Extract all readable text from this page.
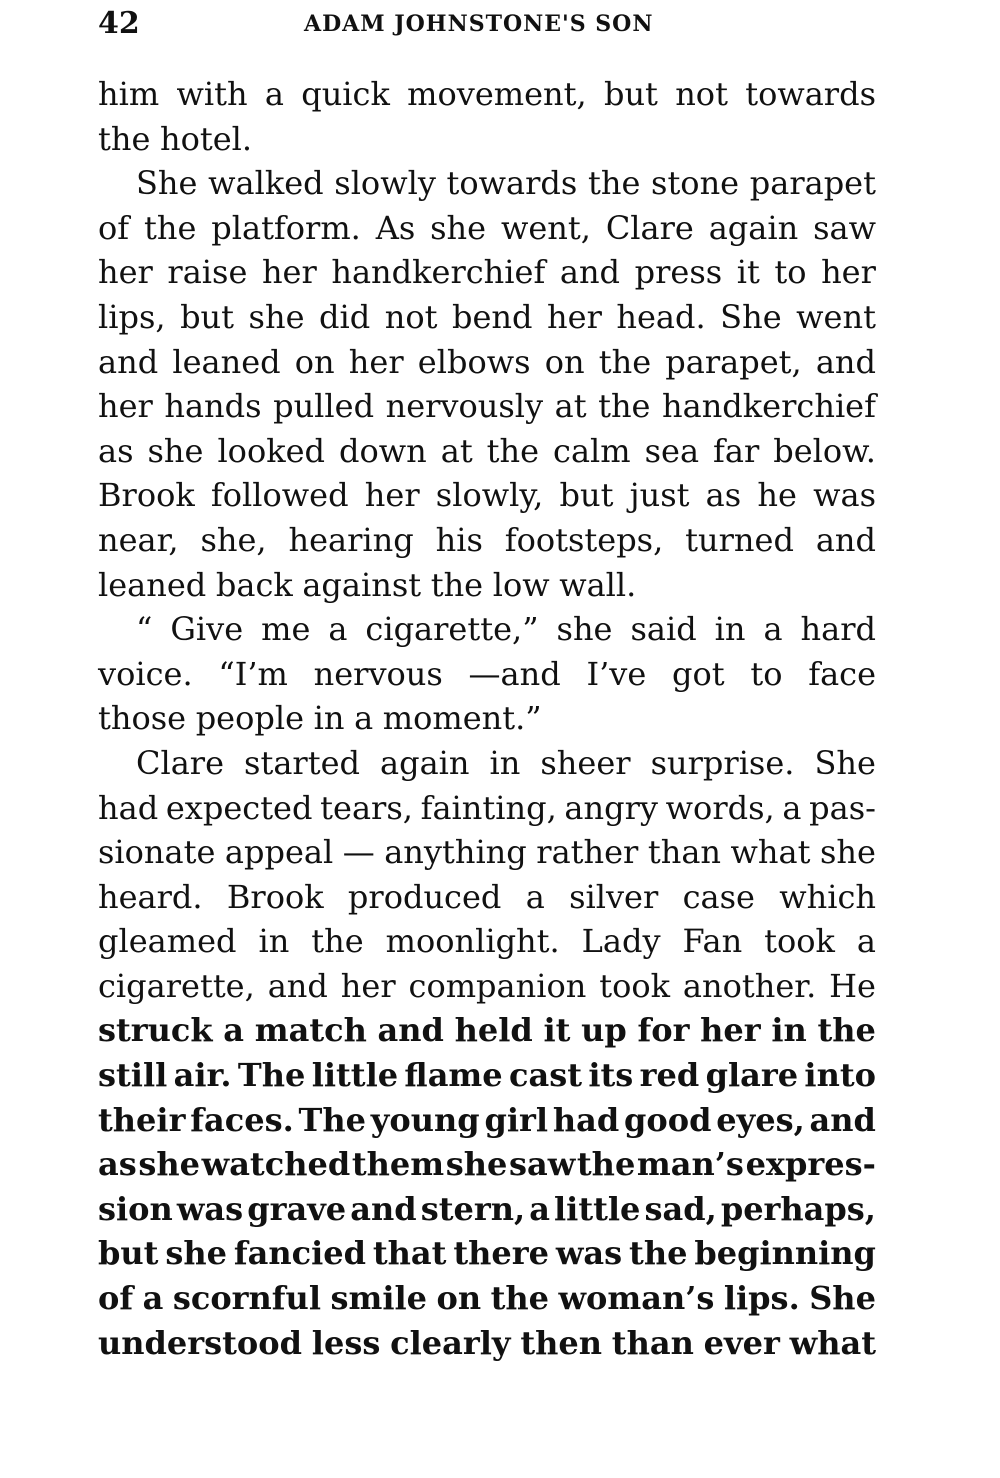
42	ADAM JOHNSTONE'S SON
him with a quick movement, but not towards
the hotel.
She walked slowly towards the stone parapet
of the platform. As she went, Clare again saw
her raise her handkerchief and press it to her
lips, but she did not bend her head. She went
and leaned on her elbows on the parapet, and
her hands pulled nervously at the handkerchief
as she looked down at the calm sea far below.
Brook followed her slowly, but just as he was
near, she, hearing his footsteps, turned and
leaned back against the low wall.
“ Give me a cigarette,” she said in a hard
voice. “I’m nervous —and I’ve got to face
those people in a moment.”
Clare started again in sheer surprise. She
had expected tears, fainting, angry words, a pas-
sionate appeal — anything rather than what she
heard. Brook produced a silver case which
gleamed in the moonlight. Lady Fan took a
cigarette, and her companion took another. He
struck a match and held it up for her in the
still air. The little flame cast its red glare into
their faces. The young girl had good eyes, and
as she watched them she saw the man’s expres-
sion was grave and stern, a little sad, perhaps,
but she fancied that there was the beginning
of a scornful smile on the woman’s lips. She
understood less clearly then than ever what
